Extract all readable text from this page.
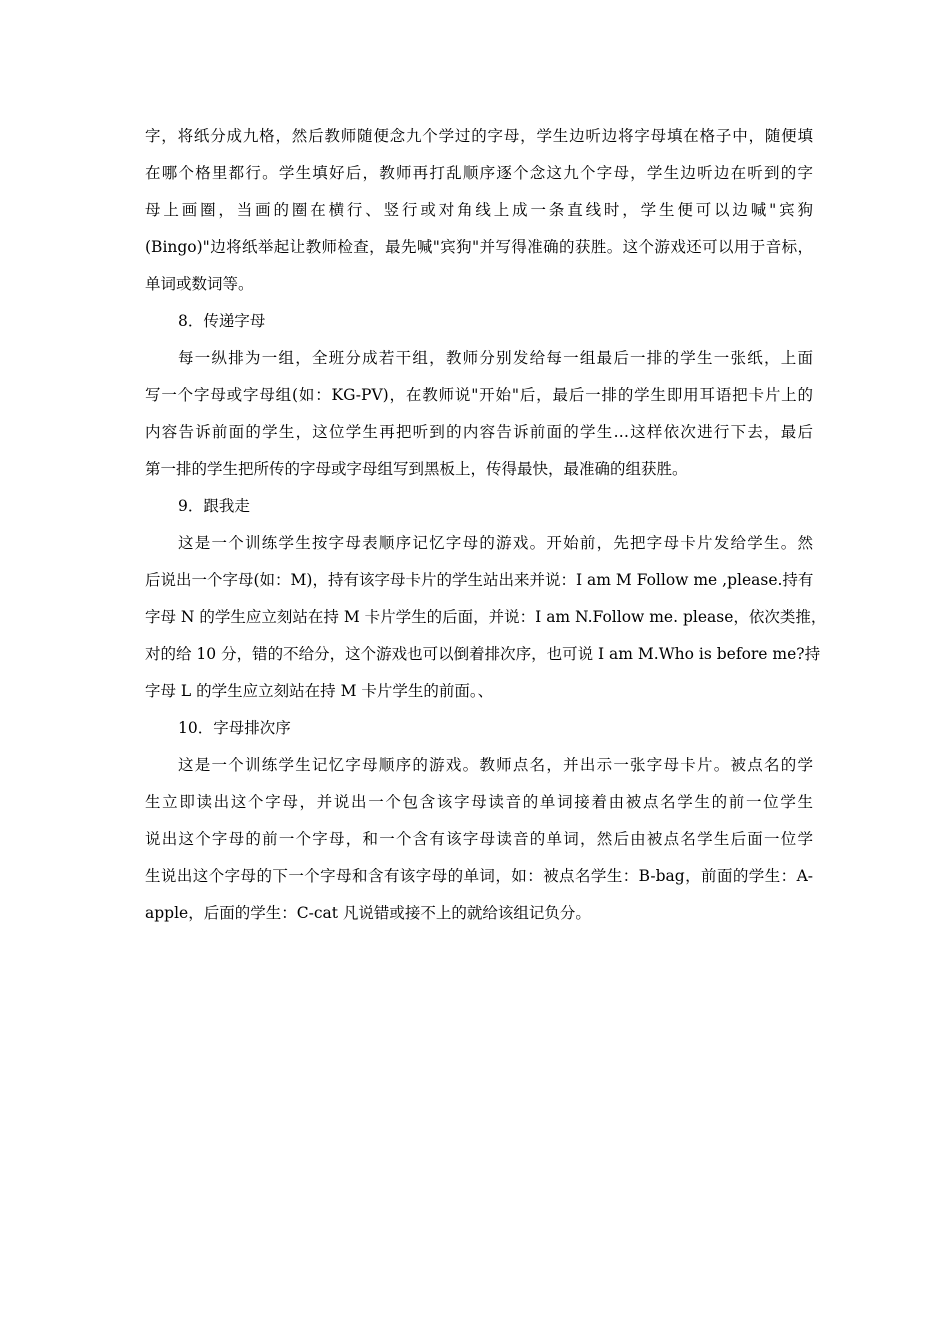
字，将纸分成九格，然后教师随便念九个学过的字母，学生边听边将字母填在格子中，随便填
在哪个格里都行。学生填好后，教师再打乱顺序逐个念这九个字母，学生边听边在听到的字
母上画圈，当画的圈在横行、竖行或对角线上成一条直线时，学生便可以边喊"宾狗
(Bingo)"边将纸举起让教师检查，最先喊"宾狗"并写得准确的获胜。这个游戏还可以用于音标，
单词或数词等。
8．传递字母
每一纵排为一组，全班分成若干组，教师分别发给每一组最后一排的学生一张纸，上面
写一个字母或字母组(如：KG-PV)，在教师说"开始"后，最后一排的学生即用耳语把卡片上的
内容告诉前面的学生，这位学生再把听到的内容告诉前面的学生…这样依次进行下去，最后
第一排的学生把所传的字母或字母组写到黑板上，传得最快，最准确的组获胜。
9．跟我走
这是一个训练学生按字母表顺序记忆字母的游戏。开始前，先把字母卡片发给学生。然
后说出一个字母(如：M)，持有该字母卡片的学生站出来并说：I am M Follow me ,please.持有
字母 N 的学生应立刻站在持 M 卡片学生的后面，并说：I am N.Follow me. please，依次类推，
对的给 10 分，错的不给分，这个游戏也可以倒着排次序，也可说 I am M.Who is before me?持
字母 L 的学生应立刻站在持 M 卡片学生的前面。、
10．字母排次序
这是一个训练学生记忆字母顺序的游戏。教师点名，并出示一张字母卡片。被点名的学
生立即读出这个字母，并说出一个包含该字母读音的单词接着由被点名学生的前一位学生
说出这个字母的前一个字母，和一个含有该字母读音的单词，然后由被点名学生后面一位学
生说出这个字母的下一个字母和含有该字母的单词，如：被点名学生：B-bag，前面的学生：A-
apple，后面的学生：C-cat 凡说错或接不上的就给该组记负分。
